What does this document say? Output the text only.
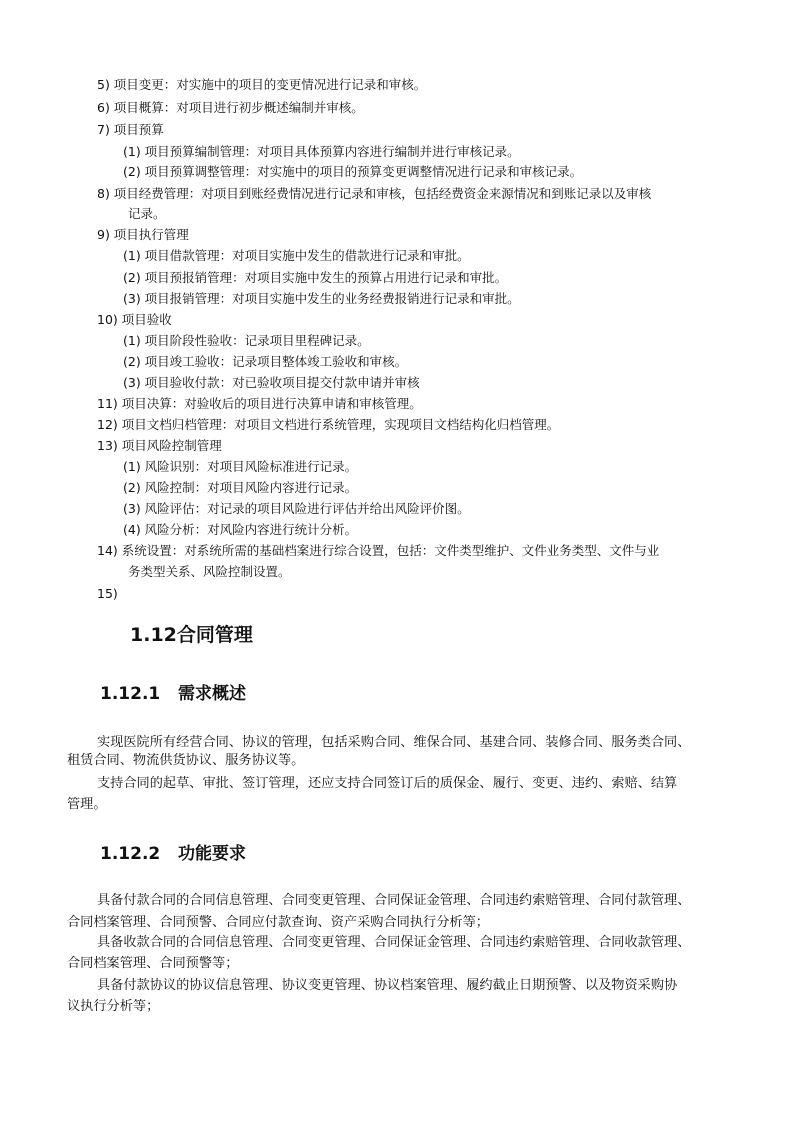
5) 项目变更：对实施中的项目的变更情况进行记录和审核。
6) 项目概算：对项目进行初步概述编制并审核。
7) 项目预算
(1) 项目预算编制管理：对项目具体预算内容进行编制并进行审核记录。
(2) 项目预算调整管理：对实施中的项目的预算变更调整情况进行记录和审核记录。
8) 项目经费管理：对项目到账经费情况进行记录和审核，包括经费资金来源情况和到账记录以及审核
记录。
9) 项目执行管理
(1) 项目借款管理：对项目实施中发生的借款进行记录和审批。
(2) 项目预报销管理：对项目实施中发生的预算占用进行记录和审批。
(3) 项目报销管理：对项目实施中发生的业务经费报销进行记录和审批。
10) 项目验收
(1) 项目阶段性验收：记录项目里程碑记录。
(2) 项目竣工验收：记录项目整体竣工验收和审核。
(3) 项目验收付款：对已验收项目提交付款申请并审核
11) 项目决算：对验收后的项目进行决算申请和审核管理。
12) 项目文档归档管理：对项目文档进行系统管理，实现项目文档结构化归档管理。
13) 项目风险控制管理
(1) 风险识别：对项目风险标准进行记录。
(2) 风险控制：对项目风险内容进行记录。
(3) 风险评估：对记录的项目风险进行评估并给出风险评价图。
(4) 风险分析：对风险内容进行统计分析。
14) 系统设置：对系统所需的基础档案进行综合设置，包括：文件类型维护、文件业务类型、文件与业
务类型关系、风险控制设置。
15)
1.12合同管理
1.12.1 需求概述
实现医院所有经营合同、协议的管理，包括采购合同、维保合同、基建合同、装修合同、服务类合同、
租赁合同、物流供货协议、服务协议等。
支持合同的起草、审批、签订管理，还应支持合同签订后的质保金、履行、变更、违约、索赔、结算
管理。
1.12.2 功能要求
具备付款合同的合同信息管理、合同变更管理、合同保证金管理、合同违约索赔管理、合同付款管理、
合同档案管理、合同预警、合同应付款查询、资产采购合同执行分析等；
具备收款合同的合同信息管理、合同变更管理、合同保证金管理、合同违约索赔管理、合同收款管理、
合同档案管理、合同预警等；
具备付款协议的协议信息管理、协议变更管理、协议档案管理、履约截止日期预警、以及物资采购协
议执行分析等；
